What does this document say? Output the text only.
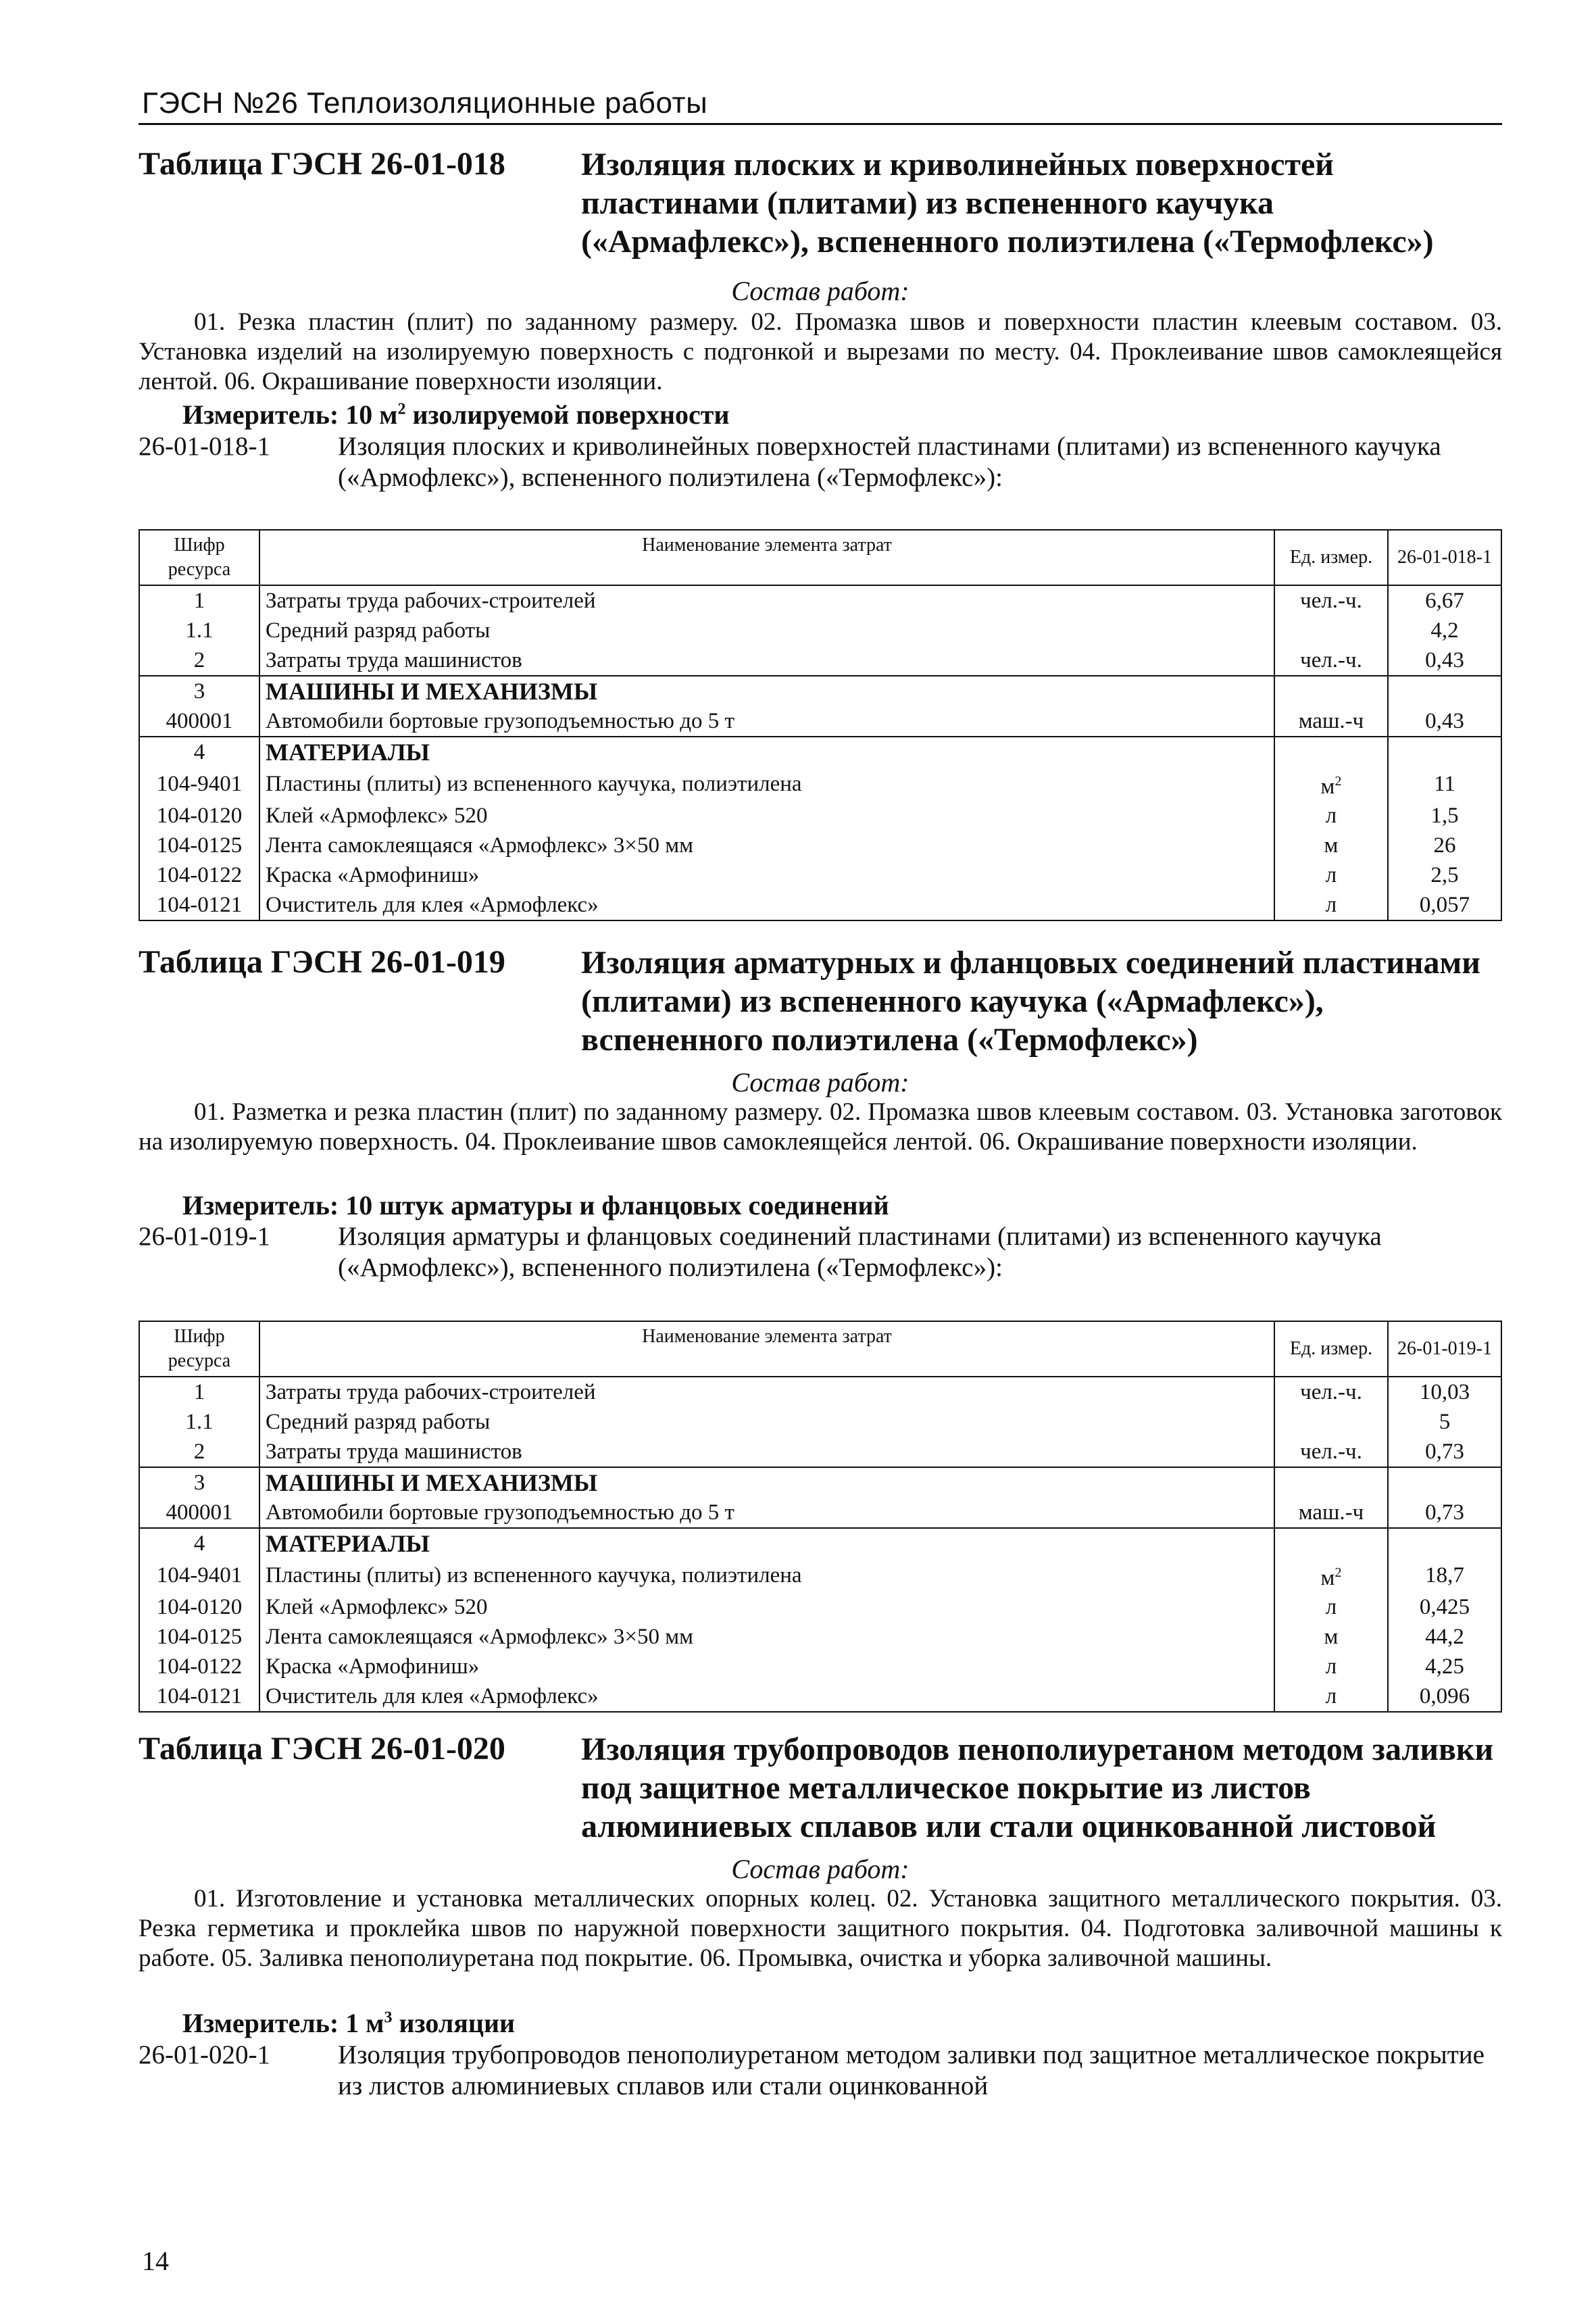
ГЭСН №26 Теплоизоляционные работы
Таблица ГЭСН 26-01-018 Изоляция плоских и криволинейных поверхностей пластинами (плитами) из вспененного каучука («Армафлекс»), вспененного полиэтилена («Термофлекс»)
Состав работ:
01. Резка пластин (плит) по заданному размеру. 02. Промазка швов и поверхности пластин клеевым составом. 03. Установка изделий на изолируемую поверхность с подгонкой и вырезами по месту. 04. Проклеивание швов самоклеящейся лентой. 06. Окрашивание поверхности изоляции.
Измеритель: 10 $м^2$ изолируемой поверхности
26-01-018-1	Изоляция плоских и криволинейных поверхностей пластинами (плитами) из вспененного каучука («Армофлекс»), вспененного полиэтилена («Термофлекс»):
Шифр ресурса	Наименование элемента затрат	Ед. измер.	26-01-018-1
1	Затраты труда рабочих-строителей	чел.-ч.	6,67
1.1	Средний разряд работы		4,2
2	Затраты труда машинистов	чел.-ч.	0,43
3	МАШИНЫ И МЕХАНИЗМЫ		
400001	Автомобили бортовые грузоподъемностью до 5 т	маш.-ч	0,43
4	МАТЕРИАЛЫ		
104-9401	Пластины (плиты) из вспененного каучука, полиэтилена	$м^2$	11
104-0120	Клей «Армофлекс» 520	л	1,5
104-0125	Лента самоклеящаяся «Армофлекс» 3×50 мм	м	26
104-0122	Краска «Армофиниш»	л	2,5
104-0121	Очиститель для клея «Армофлекс»	л	0,057
Таблица ГЭСН 26-01-019 Изоляция арматурных и фланцовых соединений пластинами (плитами) из вспененного каучука («Армафлекс»), вспененного полиэтилена («Термофлекс»)
Состав работ:
01. Разметка и резка пластин (плит) по заданному размеру. 02. Промазка швов клеевым составом. 03. Установка заготовок на изолируемую поверхность. 04. Проклеивание швов самоклеящейся лентой. 06. Окрашивание поверхности изоляции.
Измеритель: 10 штук арматуры и фланцовых соединений
26-01-019-1	Изоляция арматуры и фланцовых соединений пластинами (плитами) из вспененного каучука («Армофлекс»), вспененного полиэтилена («Термофлекс»):
Шифр ресурса	Наименование элемента затрат	Ед. измер.	26-01-019-1
1	Затраты труда рабочих-строителей	чел.-ч.	10,03
1.1	Средний разряд работы		5
2	Затраты труда машинистов	чел.-ч.	0,73
3	МАШИНЫ И МЕХАНИЗМЫ		
400001	Автомобили бортовые грузоподъемностью до 5 т	маш.-ч	0,73
4	МАТЕРИАЛЫ		
104-9401	Пластины (плиты) из вспененного каучука, полиэтилена	$м^2$	18,7
104-0120	Клей «Армофлекс» 520	л	0,425
104-0125	Лента самоклеящаяся «Армофлекс» 3×50 мм	м	44,2
104-0122	Краска «Армофиниш»	л	4,25
104-0121	Очиститель для клея «Армофлекс»	л	0,096
Таблица ГЭСН 26-01-020 Изоляция трубопроводов пенополиуретаном методом заливки под защитное металлическое покрытие из листов алюминиевых сплавов или стали оцинкованной листовой
Состав работ:
01. Изготовление и установка металлических опорных колец. 02. Установка защитного металлического покрытия. 03. Резка герметика и проклейка швов по наружной поверхности защитного покрытия. 04. Подготовка заливочной машины к работе. 05. Заливка пенополиуретана под покрытие. 06. Промывка, очистка и уборка заливочной машины.
Измеритель: 1 $м^3$ изоляции
26-01-020-1	Изоляция трубопроводов пенополиуретаном методом заливки под защитное металлическое покрытие из листов алюминиевых сплавов или стали оцинкованной
14
